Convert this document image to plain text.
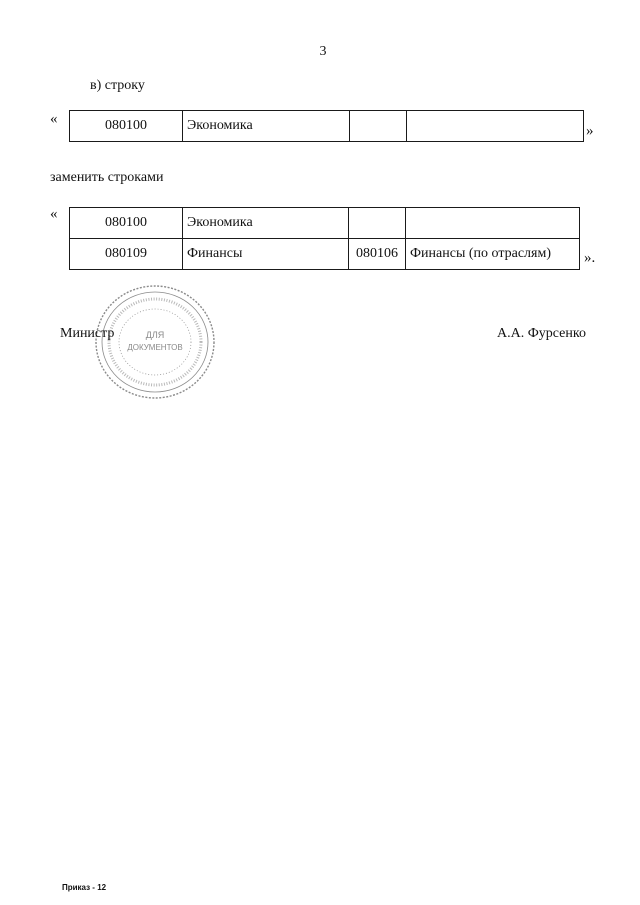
3
в) строку
«	080100	Экономика			»
заменить строками
«
080100	Экономика		
080109	Финансы	080106	Финансы (по отраслям) ».
ДЛЯ
ДОКУМЕНТОВ
Министр	А.А. Фурсенко
Приказ - 12
